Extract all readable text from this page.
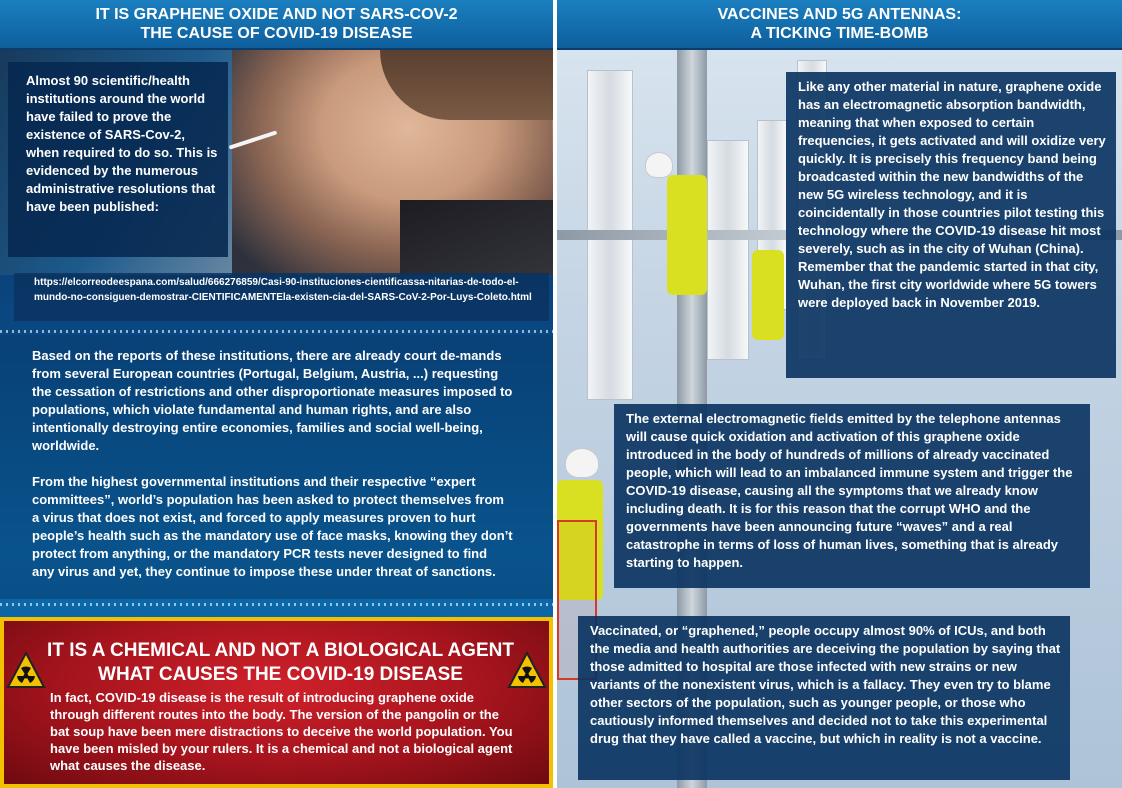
IT IS GRAPHENE OXIDE AND NOT SARS-COV-2
THE CAUSE OF COVID-19 DISEASE
Almost 90 scientific/health institutions around the world have failed to prove the existence of SARS-Cov-2, when required to do so. This is evidenced by the numerous administrative resolutions that have been published:
https://elcorreodeespana.com/salud/666276859/Casi-90-instituciones-cientificassa-nitarias-de-todo-el-mundo-no-consiguen-demostrar-CIENTIFICAMENTEla-existen-cia-del-SARS-CoV-2-Por-Luys-Coleto.html

Based on the reports of these institutions, there are already court de-mands from several European countries (Portugal, Belgium, Austria, ...) requesting the cessation of restrictions and other disproportionate measures imposed to populations, which violate fundamental and human rights, and are also intentionally destroying entire economies, families and social well-being, worldwide.

From the highest governmental institutions and their respective “expert committees”, world’s population has been asked to protect themselves from a virus that does not exist, and forced to apply measures proven to hurt people’s health such as the mandatory use of face masks, knowing they don’t protect from anything, or the mandatory PCR tests never designed to find any virus and yet, they continue to impose these under threat of sanctions.

IT IS A CHEMICAL AND NOT A BIOLOGICAL AGENT
WHAT CAUSES THE COVID-19 DISEASE
In fact, COVID-19 disease is the result of introducing graphene oxide through different routes into the body. The version of the pangolin or the bat soup have been mere distractions to deceive the world population. You have been misled by your rulers. It is a chemical and not a biological agent what causes the disease.
VACCINES AND 5G ANTENNAS:
A TICKING TIME-BOMB
Like any other material in nature, graphene oxide has an electromagnetic absorption bandwidth, meaning that when exposed to certain frequencies, it gets activated and will oxidize very quickly. It is precisely this frequency band being broadcasted within the new bandwidths of the new 5G wireless technology, and it is coincidentally in those countries pilot testing this technology where the COVID-19 disease hit most severely, such as in the city of Wuhan (China).
Remember that the pandemic started in that city, Wuhan, the first city worldwide where 5G towers were deployed back in November 2019.
The external electromagnetic fields emitted by the telephone antennas will cause quick oxidation and activation of this graphene oxide introduced in the body of hundreds of millions of already vaccinated people, which will lead to an imbalanced immune system and trigger the COVID-19 disease, causing all the symptoms that we already know including death. It is for this reason that the corrupt WHO and the governments have been announcing future “waves” and a real catastrophe in terms of loss of human lives, something that is already starting to happen.
Vaccinated, or “graphened,” people occupy almost 90% of ICUs, and both the media and health authorities are deceiving the population by saying that those admitted to hospital are those infected with new strains or new variants of the nonexistent virus, which is a fallacy. They even try to blame other sectors of the population, such as younger people, or those who cautiously informed themselves and decided not to take this experimental drug that they have called a vaccine, but which in reality is not a vaccine.
